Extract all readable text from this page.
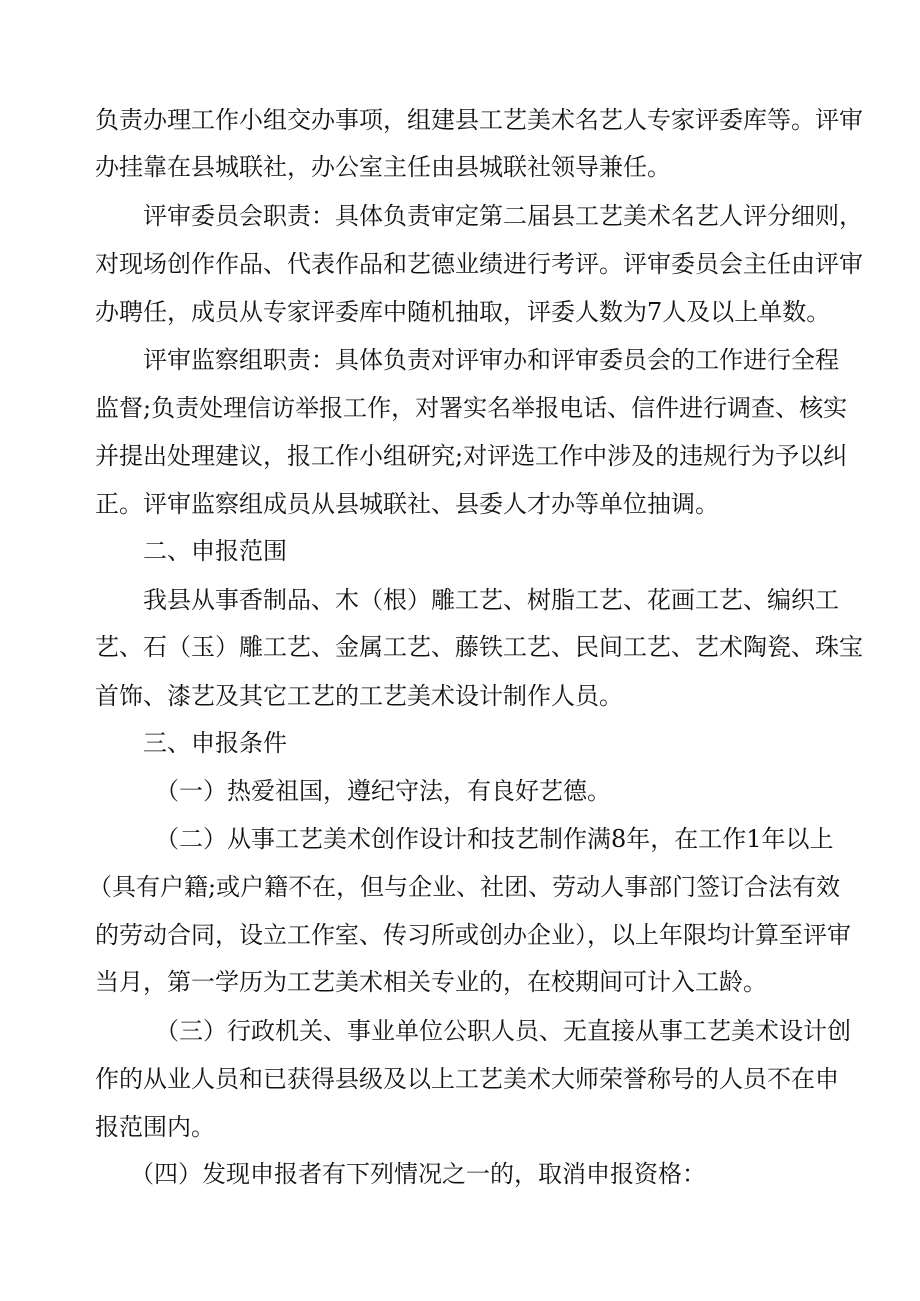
负责办理工作小组交办事项，组建县工艺美术名艺人专家评委库等。评审
办挂靠在县城联社，办公室主任由县城联社领导兼任。
评审委员会职责：具体负责审定第二届县工艺美术名艺人评分细则，
对现场创作作品、代表作品和艺德业绩进行考评。评审委员会主任由评审
办聘任，成员从专家评委库中随机抽取，评委人数为7人及以上单数。
评审监察组职责：具体负责对评审办和评审委员会的工作进行全程
监督;负责处理信访举报工作，对署实名举报电话、信件进行调查、核实
并提出处理建议，报工作小组研究;对评选工作中涉及的违规行为予以纠
正。评审监察组成员从县城联社、县委人才办等单位抽调。
二、申报范围
我县从事香制品、木（根）雕工艺、树脂工艺、花画工艺、编织工
艺、石（玉）雕工艺、金属工艺、藤铁工艺、民间工艺、艺术陶瓷、珠宝
首饰、漆艺及其它工艺的工艺美术设计制作人员。
三、申报条件
（一）热爱祖国，遵纪守法，有良好艺德。
（二）从事工艺美术创作设计和技艺制作满8年，在工作1年以上
（具有户籍;或户籍不在，但与企业、社团、劳动人事部门签订合法有效
的劳动合同，设立工作室、传习所或创办企业），以上年限均计算至评审
当月，第一学历为工艺美术相关专业的，在校期间可计入工龄。
（三）行政机关、事业单位公职人员、无直接从事工艺美术设计创
作的从业人员和已获得县级及以上工艺美术大师荣誉称号的人员不在申
报范围内。
（四）发现申报者有下列情况之一的，取消申报资格：
